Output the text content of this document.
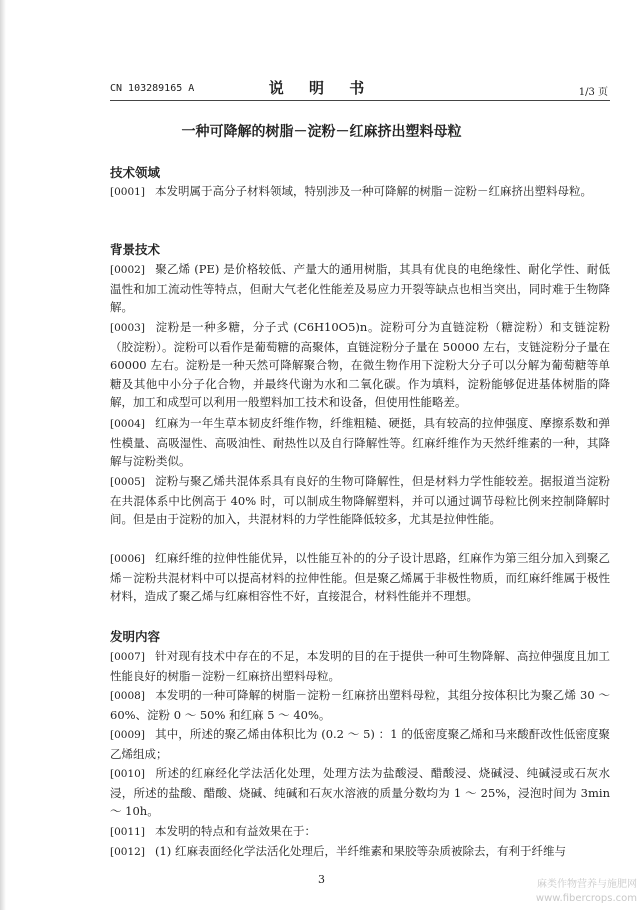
CN 103289165 A	说 明 书	1/3 页
一种可降解的树脂－淀粉－红麻挤出塑料母粒
技术领域
[0001] 本发明属于高分子材料领域，特别涉及一种可降解的树脂－淀粉－红麻挤出塑料母粒。
背景技术
[0002] 聚乙烯 (PE) 是价格较低、产量大的通用树脂，其具有优良的电绝缘性、耐化学性、耐低温性和加工流动性等特点，但耐大气老化性能差及易应力开裂等缺点也相当突出，同时难于生物降解。
[0003] 淀粉是一种多糖，分子式 (C6H10O5)n。淀粉可分为直链淀粉（糖淀粉）和支链淀粉（胶淀粉）。淀粉可以看作是葡萄糖的高聚体，直链淀粉分子量在 50000 左右，支链淀粉分子量在 60000 左右。淀粉是一种天然可降解聚合物，在微生物作用下淀粉大分子可以分解为葡萄糖等单糖及其他中小分子化合物，并最终代谢为水和二氧化碳。作为填料，淀粉能够促进基体树脂的降解，加工和成型可以利用一般塑料加工技术和设备，但使用性能略差。
[0004] 红麻为一年生草本韧皮纤维作物，纤维粗糙、硬挺，具有较高的拉伸强度、摩擦系数和弹性模量、高吸湿性、高吸油性、耐热性以及自行降解性等。红麻纤维作为天然纤维素的一种，其降解与淀粉类似。
[0005] 淀粉与聚乙烯共混体系具有良好的生物可降解性，但是材料力学性能较差。据报道当淀粉在共混体系中比例高于 40% 时，可以制成生物降解塑料，并可以通过调节母粒比例来控制降解时间。但是由于淀粉的加入，共混材料的力学性能降低较多，尤其是拉伸性能。
[0006] 红麻纤维的拉伸性能优异，以性能互补的的分子设计思路，红麻作为第三组分加入到聚乙烯－淀粉共混材料中可以提高材料的拉伸性能。但是聚乙烯属于非极性物质，而红麻纤维属于极性材料，造成了聚乙烯与红麻相容性不好，直接混合，材料性能并不理想。
发明内容
[0007] 针对现有技术中存在的不足，本发明的目的在于提供一种可生物降解、高拉伸强度且加工性能良好的树脂－淀粉－红麻挤出塑料母粒。
[0008] 本发明的一种可降解的树脂－淀粉－红麻挤出塑料母粒，其组分按体积比为聚乙烯 30 ～ 60%、淀粉 0 ～ 50% 和红麻 5 ～ 40%。
[0009] 其中，所述的聚乙烯由体积比为 (0.2 ～ 5) ：1 的低密度聚乙烯和马来酸酐改性低密度聚乙烯组成；
[0010] 所述的红麻经化学法活化处理，处理方法为盐酸浸、醋酸浸、烧碱浸、纯碱浸或石灰水浸，所述的盐酸、醋酸、烧碱、纯碱和石灰水溶液的质量分数均为 1 ～ 25%，浸泡时间为 3min ～ 10h。
[0011] 本发明的特点和有益效果在于：
[0012] (1) 红麻表面经化学法活化处理后，半纤维素和果胶等杂质被除去，有利于纤维与
3	麻类作物营养与施肥网
www.fibercrops.com
